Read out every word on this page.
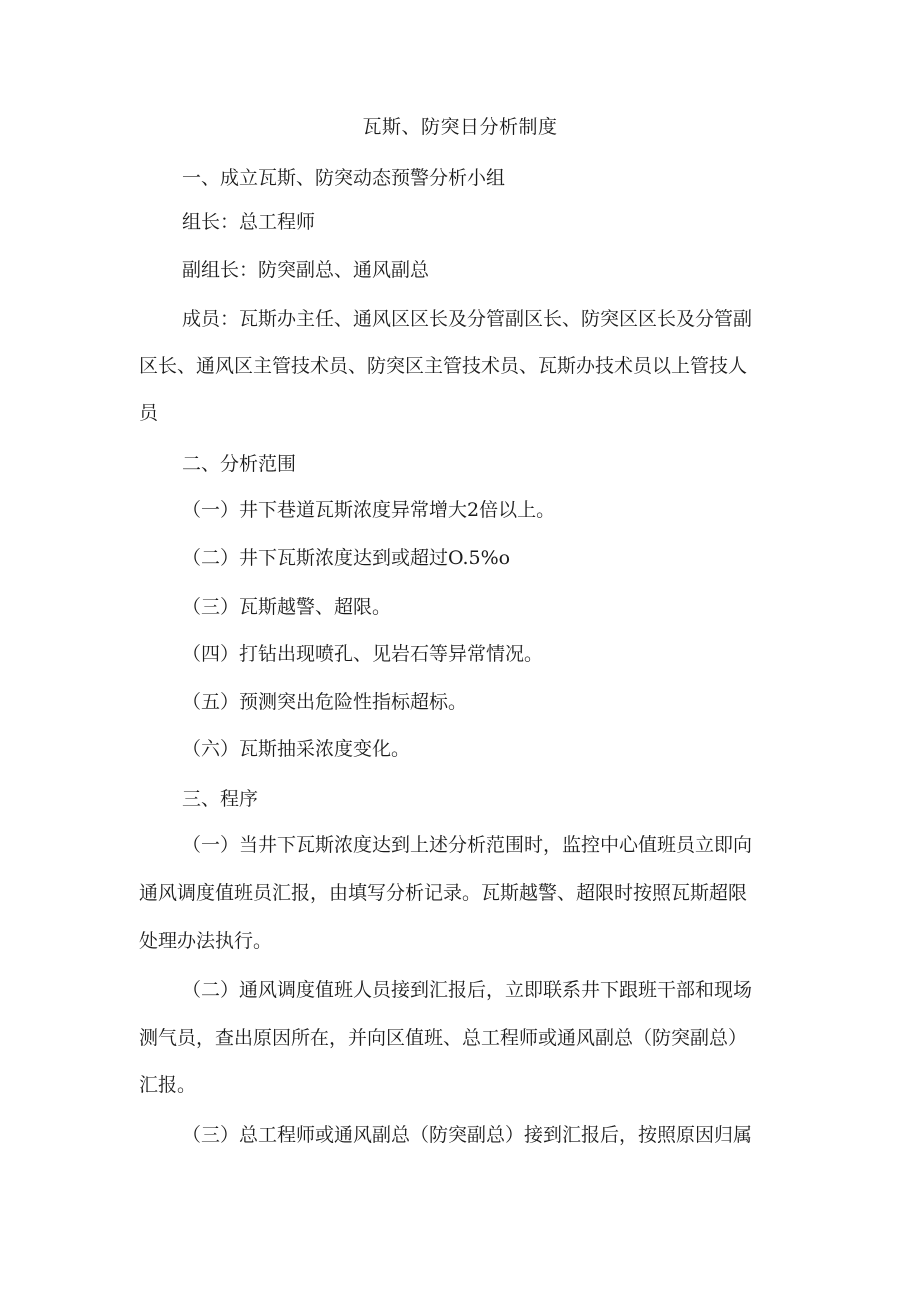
瓦斯、防突日分析制度
一、成立瓦斯、防突动态预警分析小组
组长：总工程师
副组长：防突副总、通风副总
成员：瓦斯办主任、通风区区长及分管副区长、防突区区长及分管副
区长、通风区主管技术员、防突区主管技术员、瓦斯办技术员以上管技人
员
二、分析范围
（一）井下巷道瓦斯浓度异常增大2倍以上。
（二）井下瓦斯浓度达到或超过O.5%o
（三）瓦斯越警、超限。
（四）打钻出现喷孔、见岩石等异常情况。
（五）预测突出危险性指标超标。
（六）瓦斯抽采浓度变化。
三、程序
（一）当井下瓦斯浓度达到上述分析范围时，监控中心值班员立即向
通风调度值班员汇报，由填写分析记录。瓦斯越警、超限时按照瓦斯超限
处理办法执行。
（二）通风调度值班人员接到汇报后，立即联系井下跟班干部和现场
测气员，查出原因所在，并向区值班、总工程师或通风副总（防突副总）
汇报。
（三）总工程师或通风副总（防突副总）接到汇报后，按照原因归属
